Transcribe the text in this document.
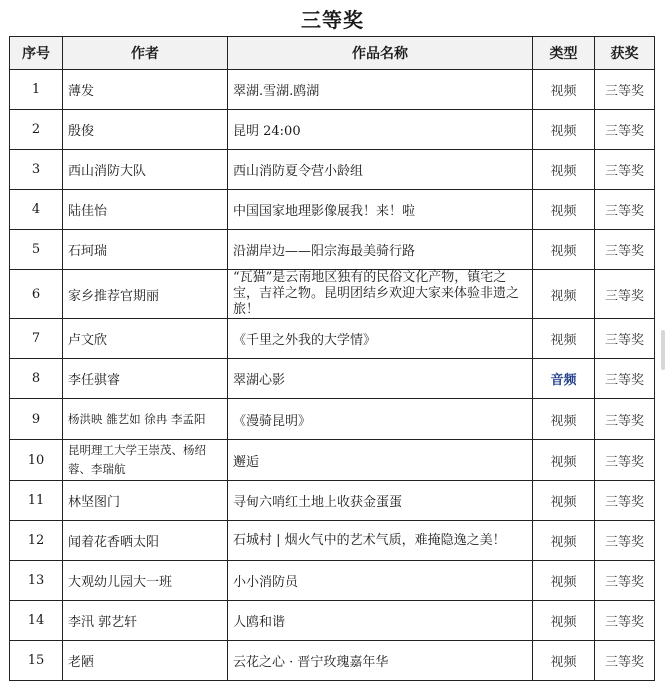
三等奖
序号	作者	作品名称	类型	获奖
1	薄发	翠湖.雪湖.鸥湖	视频	三等奖
2	殷俊	昆明 24:00	视频	三等奖
3	西山消防大队	西山消防夏令营小龄组	视频	三等奖
4	陆佳怡	中国国家地理影像展我！来！啦	视频	三等奖
5	石珂瑞	沿湖岸边——阳宗海最美骑行路	视频	三等奖
6	家乡推荐官期丽	“瓦猫”是云南地区独有的民俗文化产物，镇宅之宝，吉祥之物。昆明团结乡欢迎大家来体验非遗之旅！	视频	三等奖
7	卢文欣	《千里之外我的大学情》	视频	三等奖
8	李任骐睿	翠湖心影	音频	三等奖
9	杨洪映 雒艺如 徐冉 李孟阳	《漫骑昆明》	视频	三等奖
10	昆明理工大学王崇茂、杨绍蓉、李瑞航	邂逅	视频	三等奖
11	林坚图门	寻甸六哨红土地上收获金蛋蛋	视频	三等奖
12	闻着花香晒太阳	石城村 | 烟火气中的艺术气质，难掩隐逸之美！	视频	三等奖
13	大观幼儿园大一班	小小消防员	视频	三等奖
14	李汛 郭艺轩	人鸥和谐	视频	三等奖
15	老陋	云花之心 · 晋宁玫瑰嘉年华	视频	三等奖
